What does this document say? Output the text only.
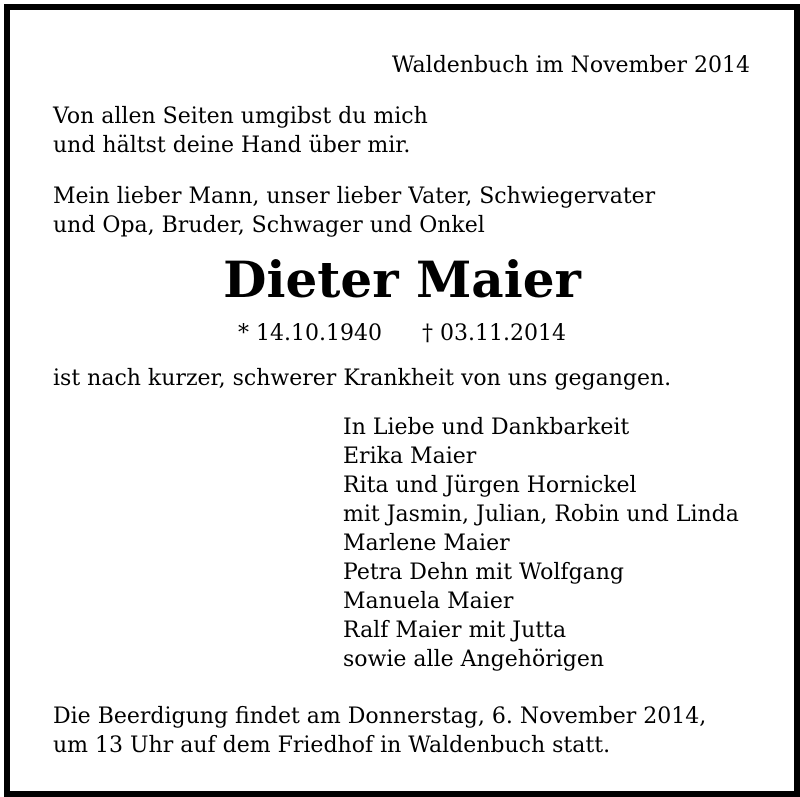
Waldenbuch im November 2014

Von allen Seiten umgibst du mich
und hältst deine Hand über mir.

Mein lieber Mann, unser lieber Vater, Schwiegervater
und Opa, Bruder, Schwager und Onkel

Dieter Maier

* 14.10.1940 † 03.11.2014

ist nach kurzer, schwerer Krankheit von uns gegangen.

In Liebe und Dankbarkeit
Erika Maier
Rita und Jürgen Hornickel
mit Jasmin, Julian, Robin und Linda
Marlene Maier
Petra Dehn mit Wolfgang
Manuela Maier
Ralf Maier mit Jutta
sowie alle Angehörigen

Die Beerdigung findet am Donnerstag, 6. November 2014,
um 13 Uhr auf dem Friedhof in Waldenbuch statt.
